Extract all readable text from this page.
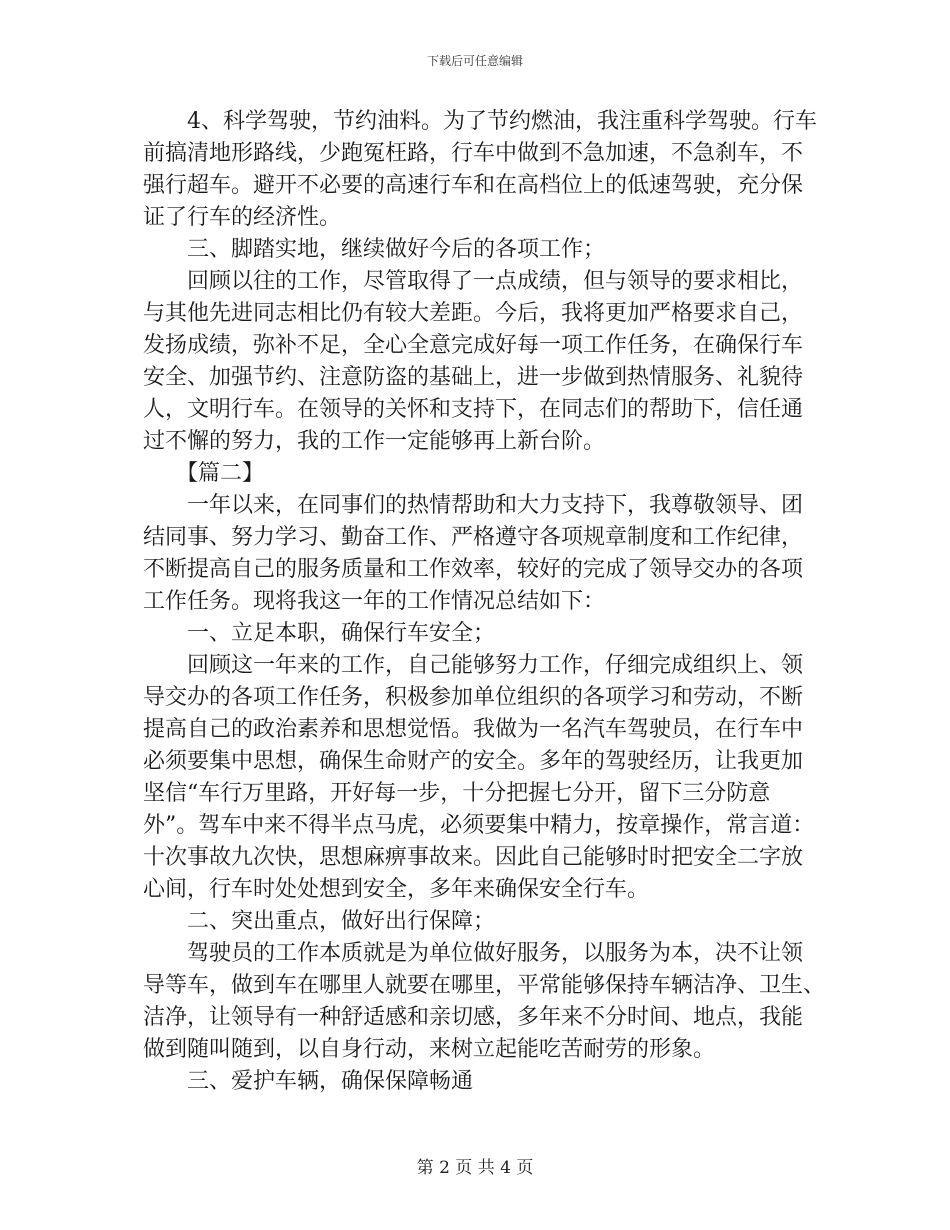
下载后可任意编辑
　　4、科学驾驶，节约油料。为了节约燃油，我注重科学驾驶。行车
前搞清地形路线，少跑冤枉路，行车中做到不急加速，不急刹车，不
强行超车。避开不必要的高速行车和在高档位上的低速驾驶，充分保
证了行车的经济性。
　　三、脚踏实地，继续做好今后的各项工作；
　　回顾以往的工作，尽管取得了一点成绩，但与领导的要求相比，
与其他先进同志相比仍有较大差距。今后，我将更加严格要求自己，
发扬成绩，弥补不足，全心全意完成好每一项工作任务，在确保行车
安全、加强节约、注意防盗的基础上，进一步做到热情服务、礼貌待
人，文明行车。在领导的关怀和支持下，在同志们的帮助下，信任通
过不懈的努力，我的工作一定能够再上新台阶。
　　【篇二】
　　一年以来，在同事们的热情帮助和大力支持下，我尊敬领导、团
结同事、努力学习、勤奋工作、严格遵守各项规章制度和工作纪律，
不断提高自己的服务质量和工作效率，较好的完成了领导交办的各项
工作任务。现将我这一年的工作情况总结如下：
　　一、立足本职，确保行车安全；
　　回顾这一年来的工作，自己能够努力工作，仔细完成组织上、领
导交办的各项工作任务，积极参加单位组织的各项学习和劳动，不断
提高自己的政治素养和思想觉悟。我做为一名汽车驾驶员，在行车中
必须要集中思想，确保生命财产的安全。多年的驾驶经历，让我更加
坚信“车行万里路，开好每一步，十分把握七分开，留下三分防意
外”。驾车中来不得半点马虎，必须要集中精力，按章操作，常言道：
十次事故九次快，思想麻痹事故来。因此自己能够时时把安全二字放
心间，行车时处处想到安全，多年来确保安全行车。
　　二、突出重点，做好出行保障；
　　驾驶员的工作本质就是为单位做好服务，以服务为本，决不让领
导等车，做到车在哪里人就要在哪里，平常能够保持车辆洁净、卫生、
洁净，让领导有一种舒适感和亲切感，多年来不分时间、地点，我能
做到随叫随到，以自身行动，来树立起能吃苦耐劳的形象。
　　三、爱护车辆，确保保障畅通
第 2 页 共 4 页
